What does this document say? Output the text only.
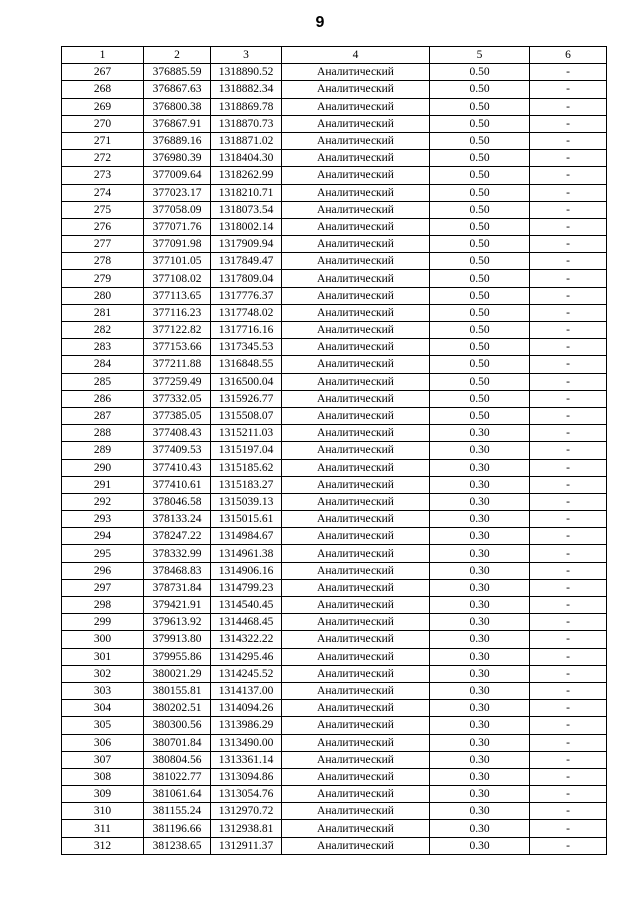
9
1	2	3	4	5	6
267	376885.59	1318890.52	Аналитический	0.50	-
268	376867.63	1318882.34	Аналитический	0.50	-
269	376800.38	1318869.78	Аналитический	0.50	-
270	376867.91	1318870.73	Аналитический	0.50	-
271	376889.16	1318871.02	Аналитический	0.50	-
272	376980.39	1318404.30	Аналитический	0.50	-
273	377009.64	1318262.99	Аналитический	0.50	-
274	377023.17	1318210.71	Аналитический	0.50	-
275	377058.09	1318073.54	Аналитический	0.50	-
276	377071.76	1318002.14	Аналитический	0.50	-
277	377091.98	1317909.94	Аналитический	0.50	-
278	377101.05	1317849.47	Аналитический	0.50	-
279	377108.02	1317809.04	Аналитический	0.50	-
280	377113.65	1317776.37	Аналитический	0.50	-
281	377116.23	1317748.02	Аналитический	0.50	-
282	377122.82	1317716.16	Аналитический	0.50	-
283	377153.66	1317345.53	Аналитический	0.50	-
284	377211.88	1316848.55	Аналитический	0.50	-
285	377259.49	1316500.04	Аналитический	0.50	-
286	377332.05	1315926.77	Аналитический	0.50	-
287	377385.05	1315508.07	Аналитический	0.50	-
288	377408.43	1315211.03	Аналитический	0.30	-
289	377409.53	1315197.04	Аналитический	0.30	-
290	377410.43	1315185.62	Аналитический	0.30	-
291	377410.61	1315183.27	Аналитический	0.30	-
292	378046.58	1315039.13	Аналитический	0.30	-
293	378133.24	1315015.61	Аналитический	0.30	-
294	378247.22	1314984.67	Аналитический	0.30	-
295	378332.99	1314961.38	Аналитический	0.30	-
296	378468.83	1314906.16	Аналитический	0.30	-
297	378731.84	1314799.23	Аналитический	0.30	-
298	379421.91	1314540.45	Аналитический	0.30	-
299	379613.92	1314468.45	Аналитический	0.30	-
300	379913.80	1314322.22	Аналитический	0.30	-
301	379955.86	1314295.46	Аналитический	0.30	-
302	380021.29	1314245.52	Аналитический	0.30	-
303	380155.81	1314137.00	Аналитический	0.30	-
304	380202.51	1314094.26	Аналитический	0.30	-
305	380300.56	1313986.29	Аналитический	0.30	-
306	380701.84	1313490.00	Аналитический	0.30	-
307	380804.56	1313361.14	Аналитический	0.30	-
308	381022.77	1313094.86	Аналитический	0.30	-
309	381061.64	1313054.76	Аналитический	0.30	-
310	381155.24	1312970.72	Аналитический	0.30	-
311	381196.66	1312938.81	Аналитический	0.30	-
312	381238.65	1312911.37	Аналитический	0.30	-
